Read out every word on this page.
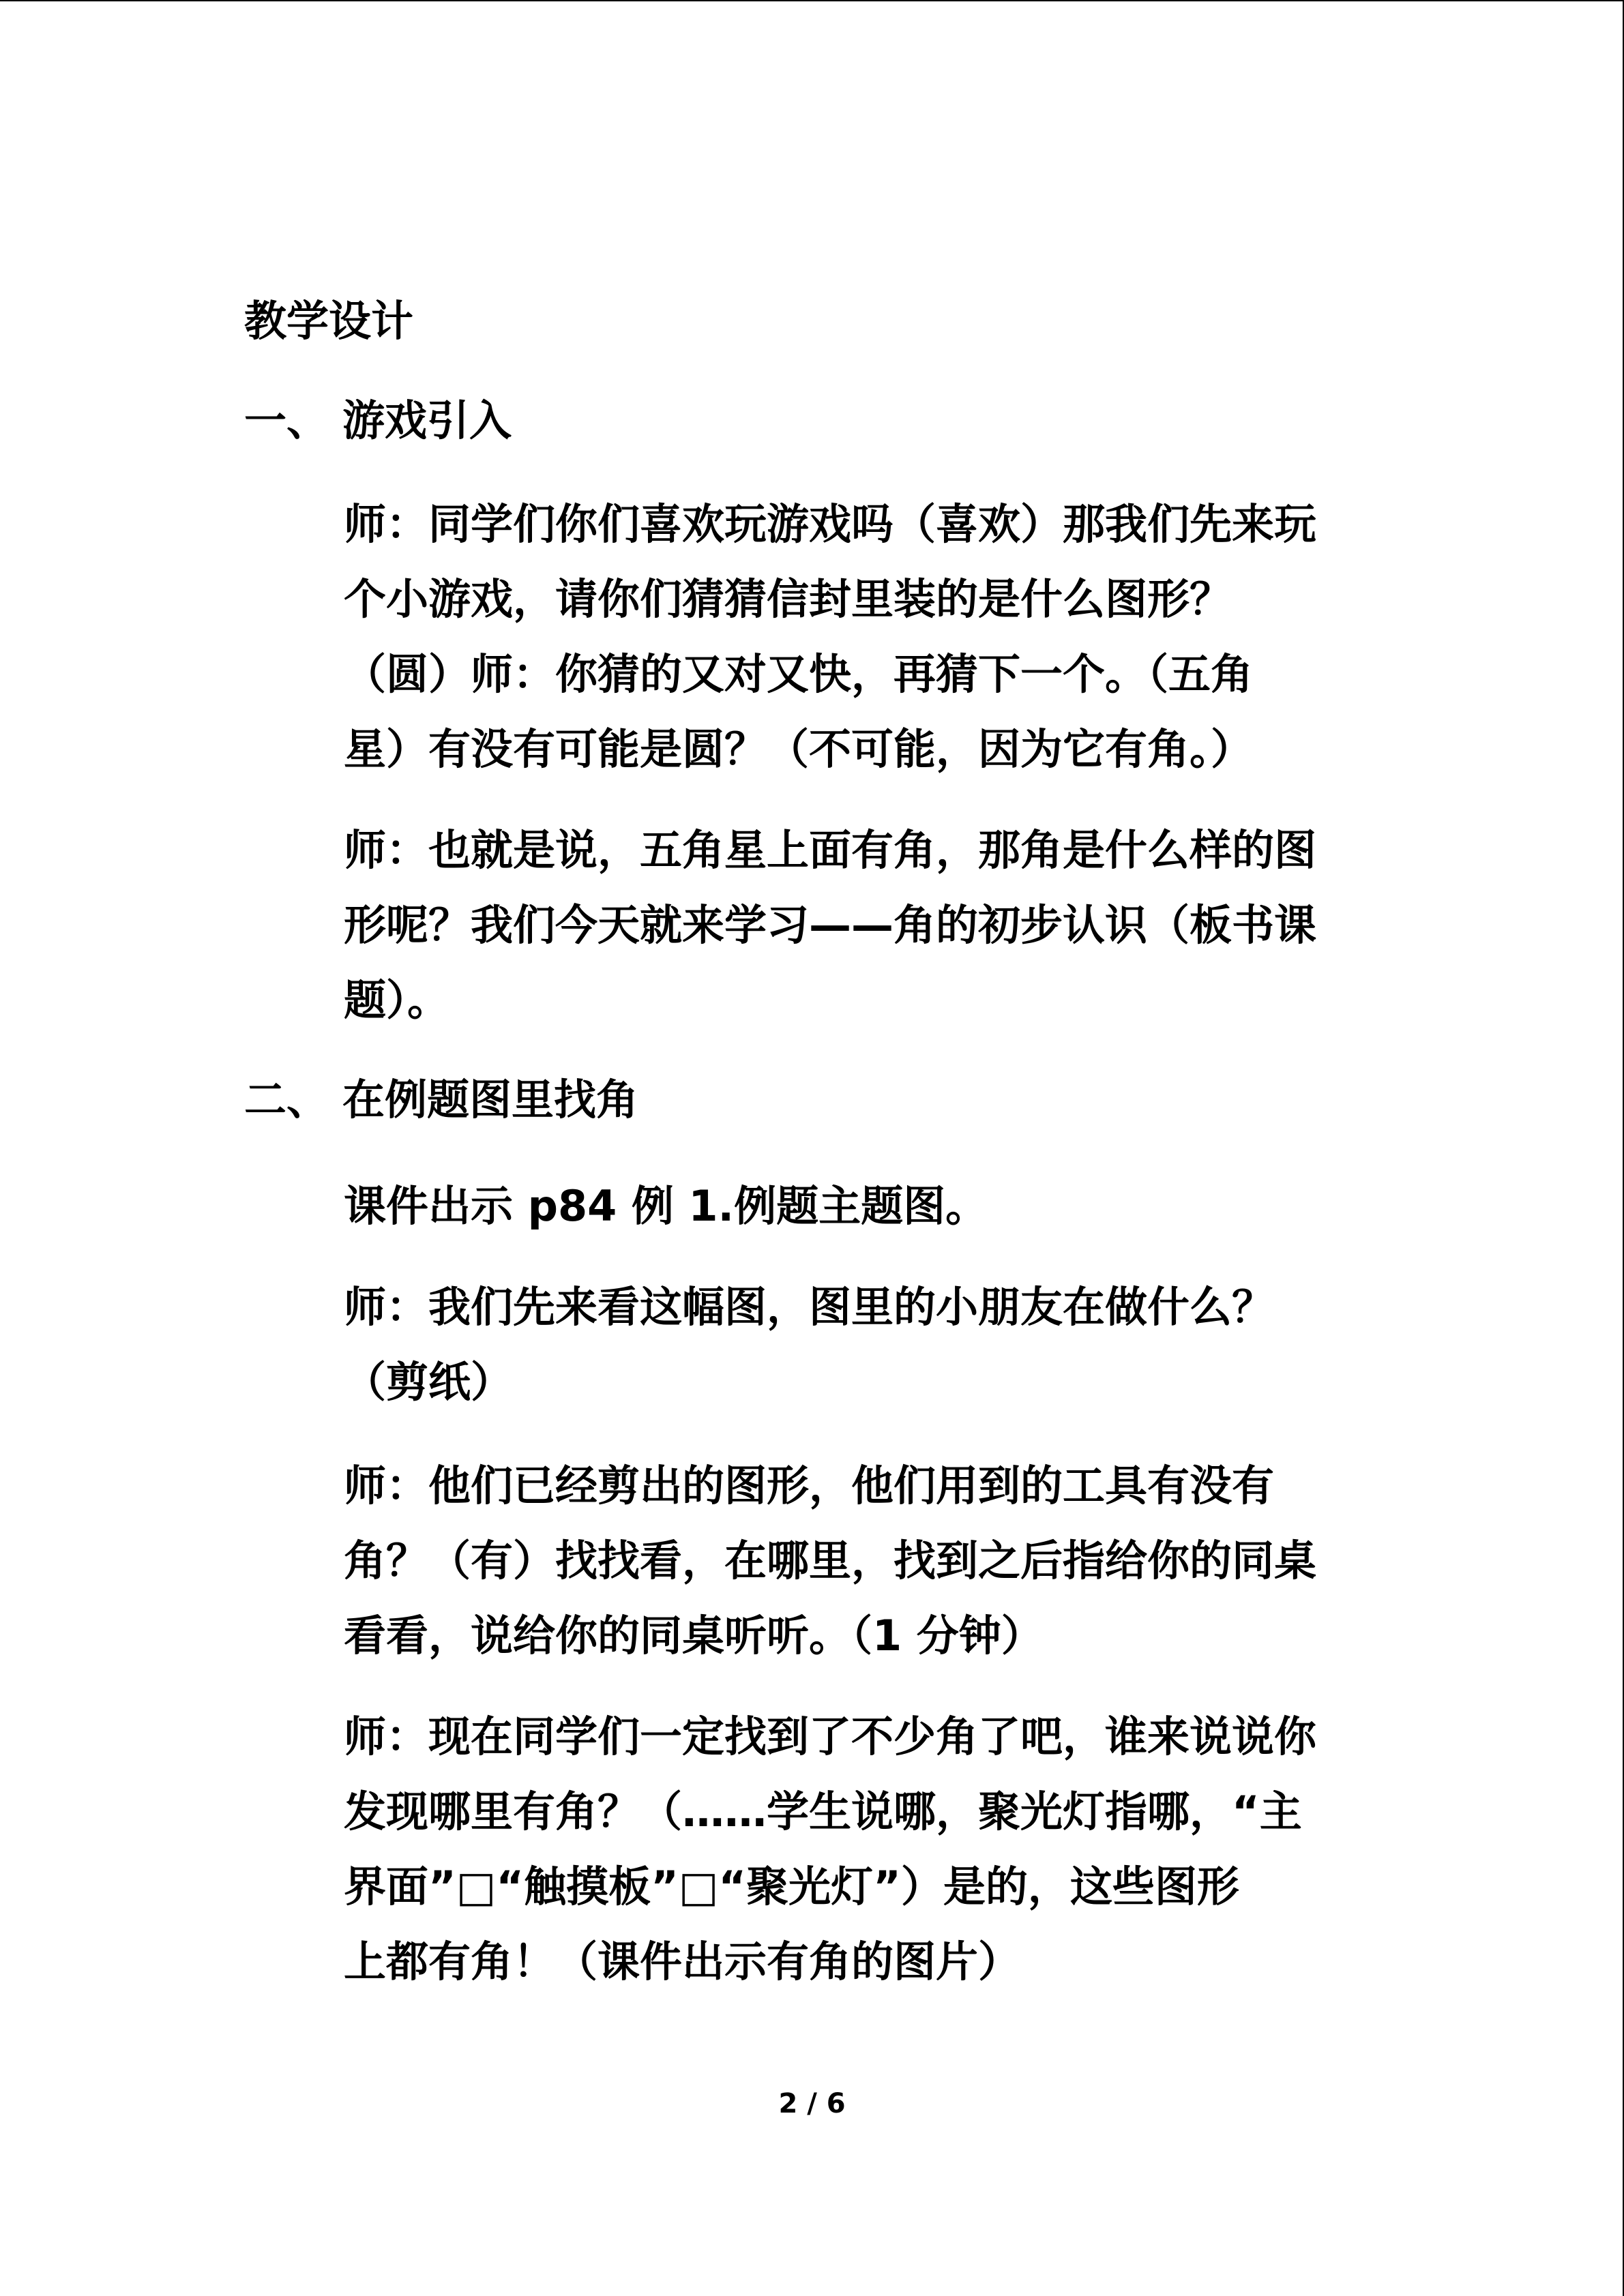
教学设计
一、 游戏引入

师：同学们你们喜欢玩游戏吗（喜欢）那我们先来玩
个小游戏，请你们猜猜信封里装的是什么图形？
（圆）师：你猜的又对又快，再猜下一个。（五角
星）有没有可能是圆？（不可能，因为它有角。）

师：也就是说，五角星上面有角，那角是什么样的图
形呢？我们今天就来学习——角的初步认识（板书课
题）。

二、 在例题图里找角

课件出示 p84 例 1.例题主题图。

师：我们先来看这幅图，图里的小朋友在做什么？
（剪纸）

师：他们已经剪出的图形，他们用到的工具有没有
角？（有）找找看，在哪里，找到之后指给你的同桌
看看，说给你的同桌听听。（1 分钟）

师：现在同学们一定找到了不少角了吧，谁来说说你
发现哪里有角？（……学生说哪，聚光灯指哪，“主
界面”□“触摸板”□“聚光灯”）是的，这些图形
上都有角！（课件出示有角的图片）

2 / 6
